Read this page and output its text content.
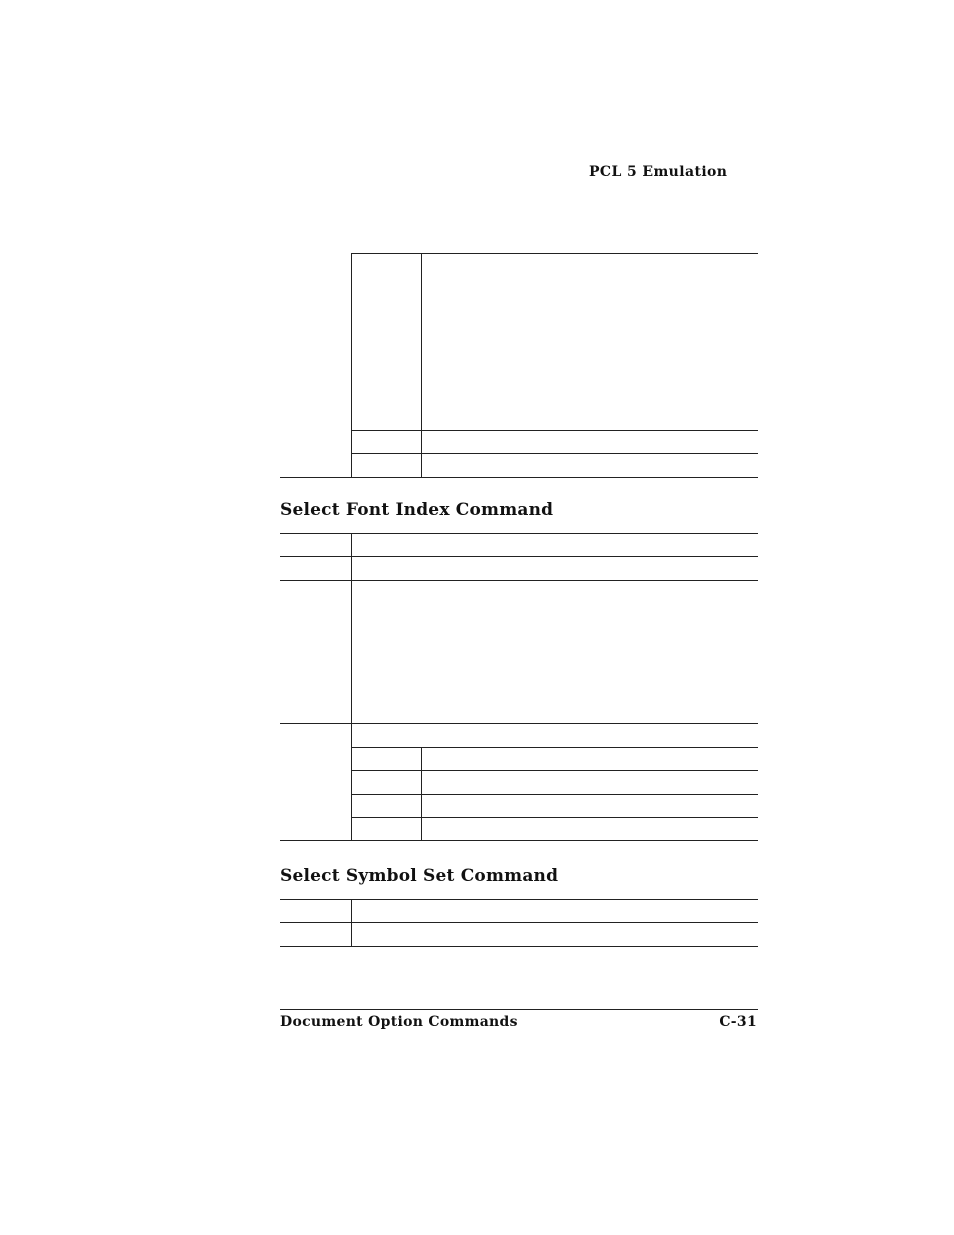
PCL 5 Emulation
Select Font Index Command
Select Symbol Set Command
Document Option Commands	C-31
